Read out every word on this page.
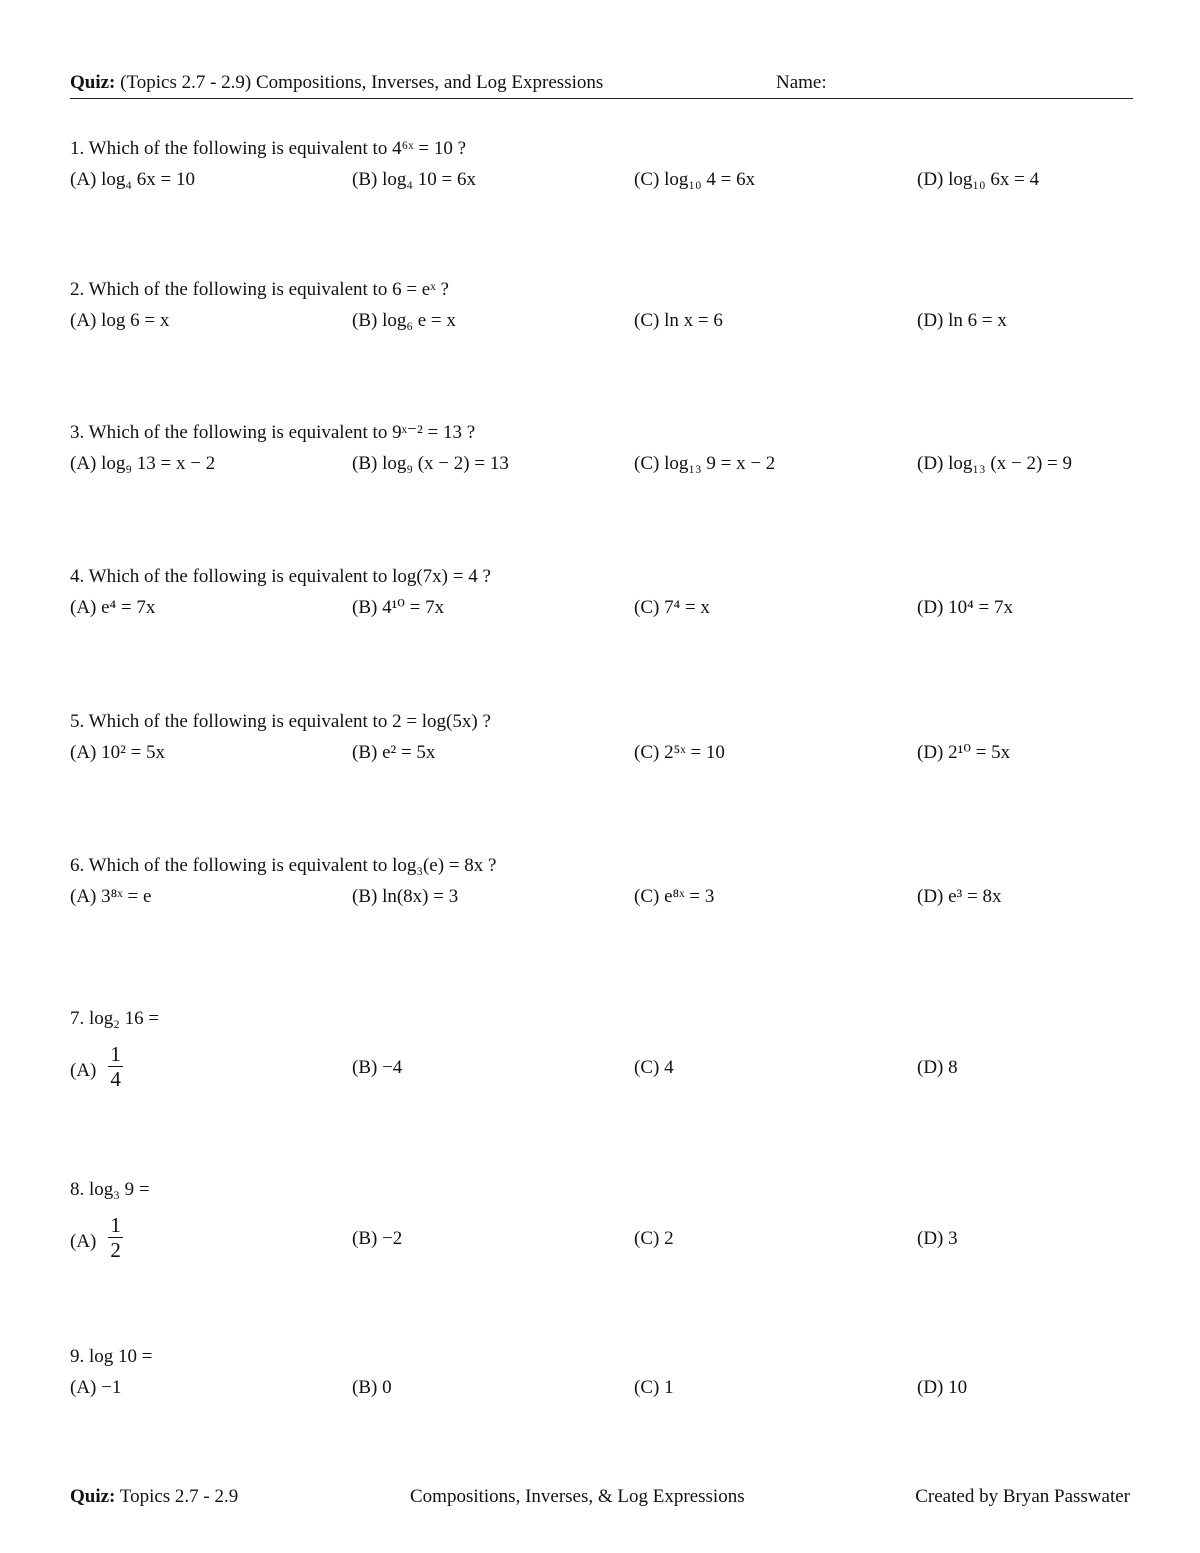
Quiz: (Topics 2.7 - 2.9) Compositions, Inverses, and Log Expressions	Name:
1. Which of the following is equivalent to 4⁶ˣ = 10 ?
(A) log₄ 6x = 10	(B) log₄ 10 = 6x	(C) log₁₀ 4 = 6x	(D) log₁₀ 6x = 4
2. Which of the following is equivalent to 6 = eˣ ?
(A) log 6 = x	(B) log₆ e = x	(C) ln x = 6	(D) ln 6 = x
3. Which of the following is equivalent to 9ˣ⁻² = 13 ?
(A) log₉ 13 = x − 2	(B) log₉ (x − 2) = 13	(C) log₁₃ 9 = x − 2	(D) log₁₃ (x − 2) = 9
4. Which of the following is equivalent to log(7x) = 4 ?
(A) e⁴ = 7x	(B) 4¹⁰ = 7x	(C) 7⁴ = x	(D) 10⁴ = 7x
5. Which of the following is equivalent to 2 = log(5x) ?
(A) 10² = 5x	(B) e² = 5x	(C) 2⁵ˣ = 10	(D) 2¹⁰ = 5x
6. Which of the following is equivalent to log₃(e) = 8x ?
(A) 3⁸ˣ = e	(B) ln(8x) = 3	(C) e⁸ˣ = 3	(D) e³ = 8x
7. log₂ 16 =
$(A) \frac{1}{4}$	(B) −4	(C) 4	(D) 8
8. log₃ 9 =
$(A) \frac{1}{2}$	(B) −2	(C) 2	(D) 3
9. log 10 =
(A) −1	(B) 0	(C) 1	(D) 10
Quiz: Topics 2.7 - 2.9	Compositions, Inverses, & Log Expressions	Created by Bryan Passwater
